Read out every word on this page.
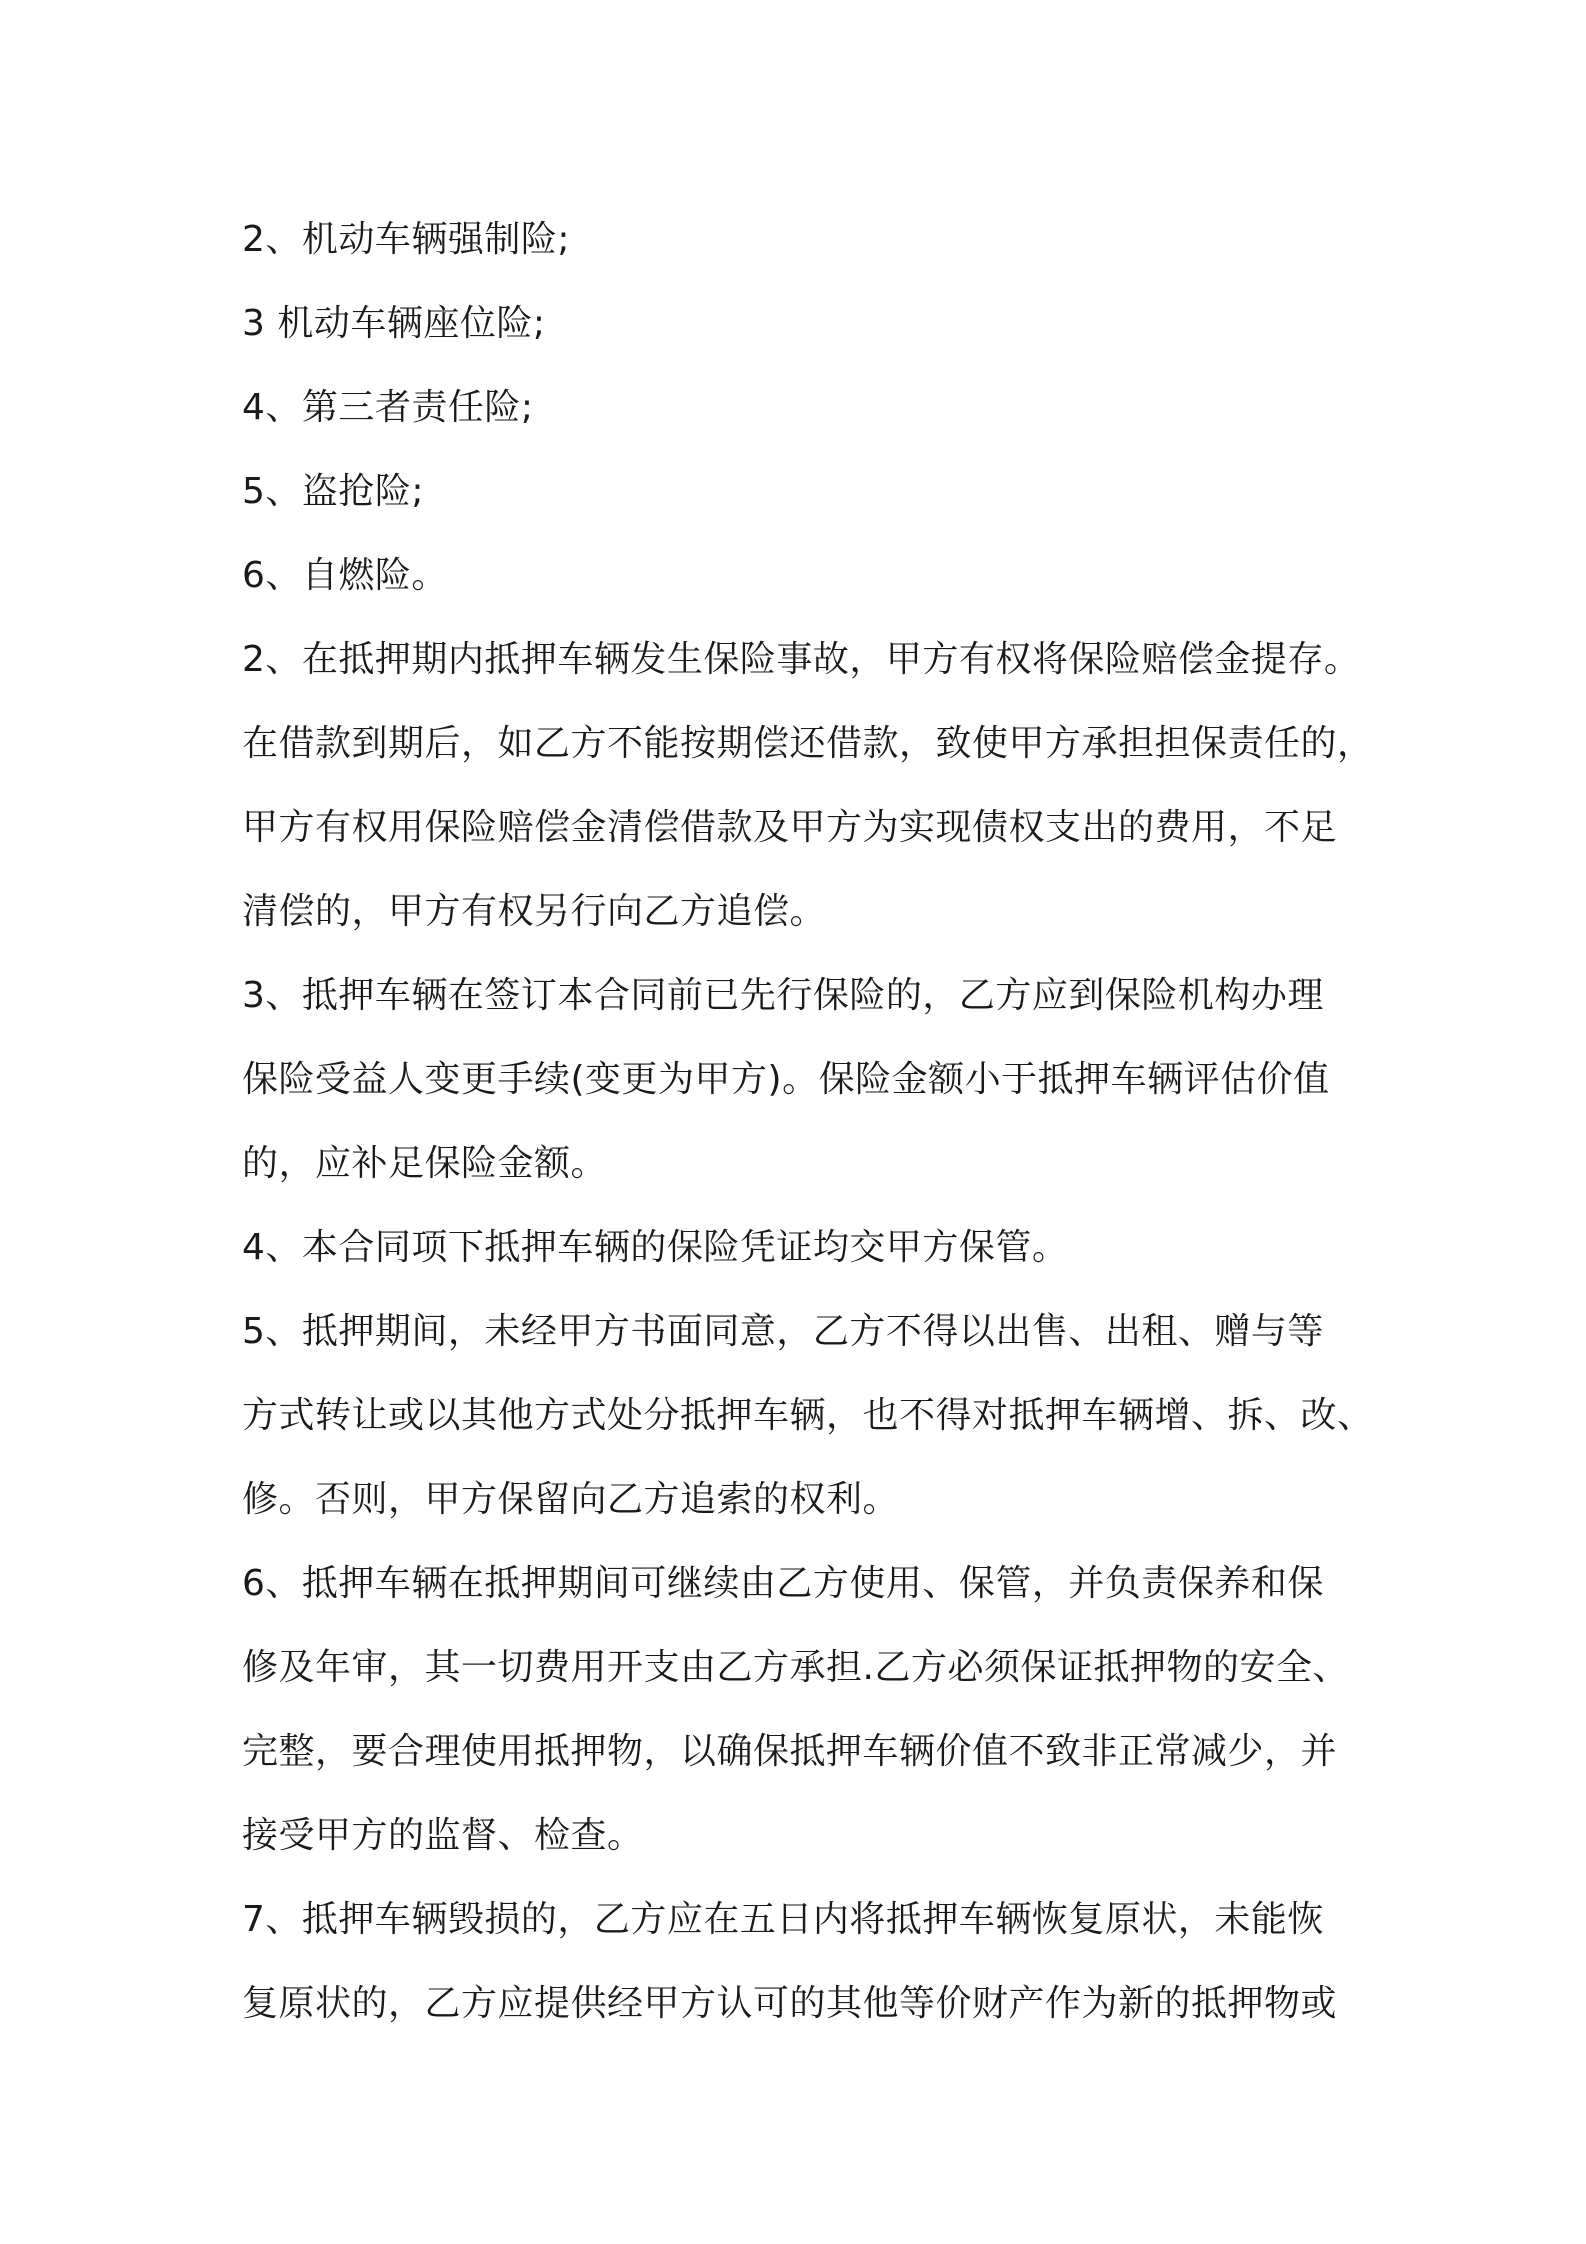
2、机动车辆强制险;
3 机动车辆座位险;
4、第三者责任险;
5、盗抢险;
6、自燃险。
2、在抵押期内抵押车辆发生保险事故，甲方有权将保险赔偿金提存。
在借款到期后，如乙方不能按期偿还借款，致使甲方承担担保责任的，
甲方有权用保险赔偿金清偿借款及甲方为实现债权支出的费用，不足
清偿的，甲方有权另行向乙方追偿。
3、抵押车辆在签订本合同前已先行保险的，乙方应到保险机构办理
保险受益人变更手续(变更为甲方)。保险金额小于抵押车辆评估价值
的，应补足保险金额。
4、本合同项下抵押车辆的保险凭证均交甲方保管。
5、抵押期间，未经甲方书面同意，乙方不得以出售、出租、赠与等
方式转让或以其他方式处分抵押车辆，也不得对抵押车辆增、拆、改、
修。否则，甲方保留向乙方追索的权利。
6、抵押车辆在抵押期间可继续由乙方使用、保管，并负责保养和保
修及年审，其一切费用开支由乙方承担.乙方必须保证抵押物的安全、
完整，要合理使用抵押物，以确保抵押车辆价值不致非正常减少，并
接受甲方的监督、检查。
7、抵押车辆毁损的，乙方应在五日内将抵押车辆恢复原状，未能恢
复原状的，乙方应提供经甲方认可的其他等价财产作为新的抵押物或
